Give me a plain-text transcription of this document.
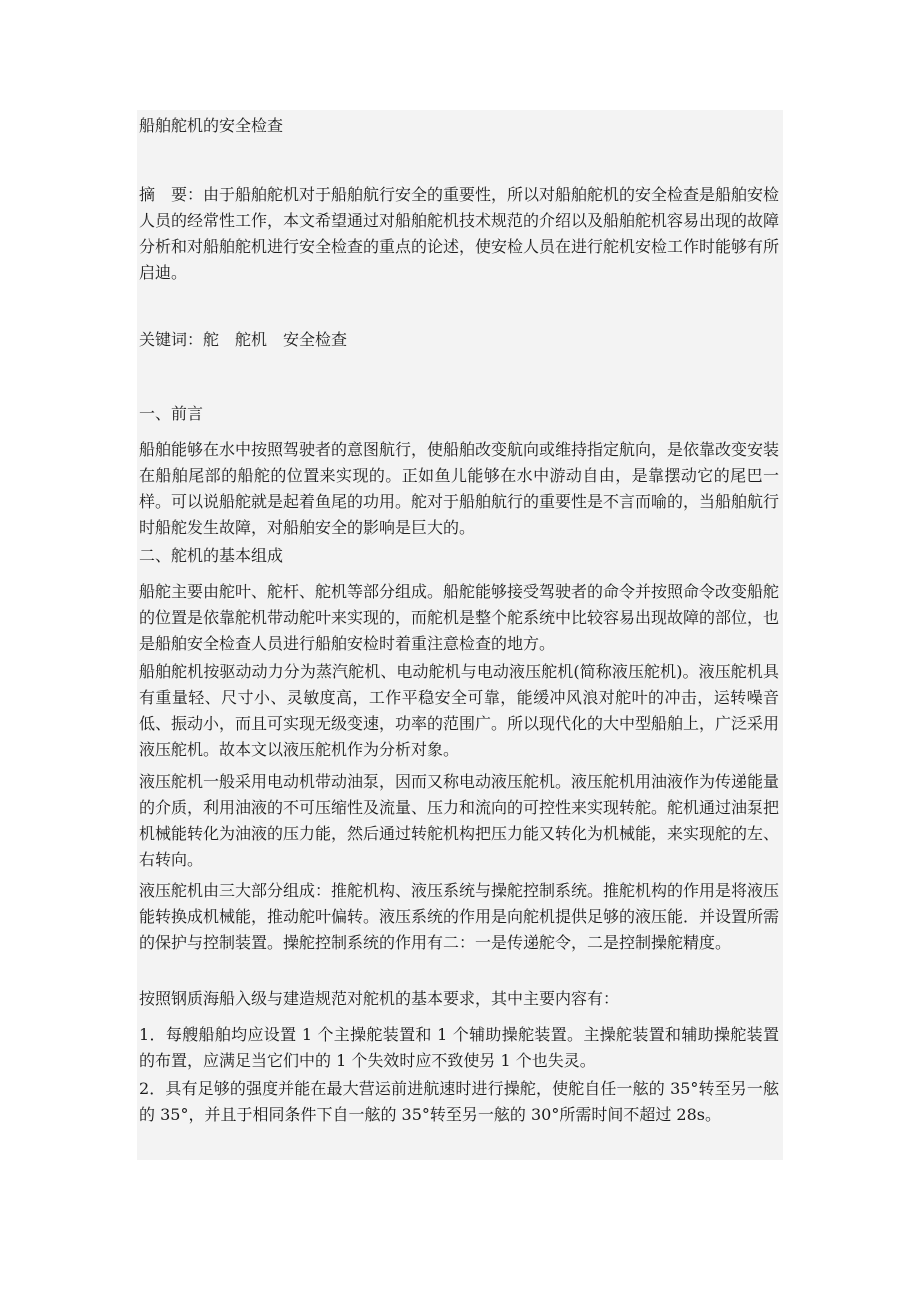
船舶舵机的安全检查

摘　要：由于船舶舵机对于船舶航行安全的重要性，所以对船舶舵机的安全检查是船舶安检人员的经常性工作，本文希望通过对船舶舵机技术规范的介绍以及船舶舵机容易出现的故障分析和对船舶舵机进行安全检查的重点的论述，使安检人员在进行舵机安检工作时能够有所启迪。

关键词：舵　舵机　安全检查

一、前言

船舶能够在水中按照驾驶者的意图航行，使船舶改变航向或维持指定航向，是依靠改变安装在船舶尾部的船舵的位置来实现的。正如鱼儿能够在水中游动自由，是靠摆动它的尾巴一样。可以说船舵就是起着鱼尾的功用。舵对于船舶航行的重要性是不言而喻的，当船舶航行时船舵发生故障，对船舶安全的影响是巨大的。

二、舵机的基本组成

船舵主要由舵叶、舵杆、舵机等部分组成。船舵能够接受驾驶者的命令并按照命令改变船舵的位置是依靠舵机带动舵叶来实现的，而舵机是整个舵系统中比较容易出现故障的部位，也是船舶安全检查人员进行船舶安检时着重注意检查的地方。

船舶舵机按驱动动力分为蒸汽舵机、电动舵机与电动液压舵机(简称液压舵机)。液压舵机具有重量轻、尺寸小、灵敏度高，工作平稳安全可靠，能缓冲风浪对舵叶的冲击，运转噪音低、振动小，而且可实现无级变速，功率的范围广。所以现代化的大中型船舶上，广泛采用液压舵机。故本文以液压舵机作为分析对象。

液压舵机一般采用电动机带动油泵，因而又称电动液压舵机。液压舵机用油液作为传递能量的介质，利用油液的不可压缩性及流量、压力和流向的可控性来实现转舵。舵机通过油泵把机械能转化为油液的压力能，然后通过转舵机构把压力能又转化为机械能，来实现舵的左、右转向。

液压舵机由三大部分组成：推舵机构、液压系统与操舵控制系统。推舵机构的作用是将液压能转换成机械能，推动舵叶偏转。液压系统的作用是向舵机提供足够的液压能．并设置所需的保护与控制装置。操舵控制系统的作用有二：一是传递舵令，二是控制操舵精度。

按照钢质海船入级与建造规范对舵机的基本要求，其中主要内容有：

1．每艘船舶均应设置 1 个主操舵装置和 1 个辅助操舵装置。主操舵装置和辅助操舵装置的布置，应满足当它们中的 1 个失效时应不致使另 1 个也失灵。

2．具有足够的强度并能在最大营运前进航速时进行操舵，使舵自任一舷的 35°转至另一舷的 35°，并且于相同条件下自一舷的 35°转至另一舷的 30°所需时间不超过 28s。
